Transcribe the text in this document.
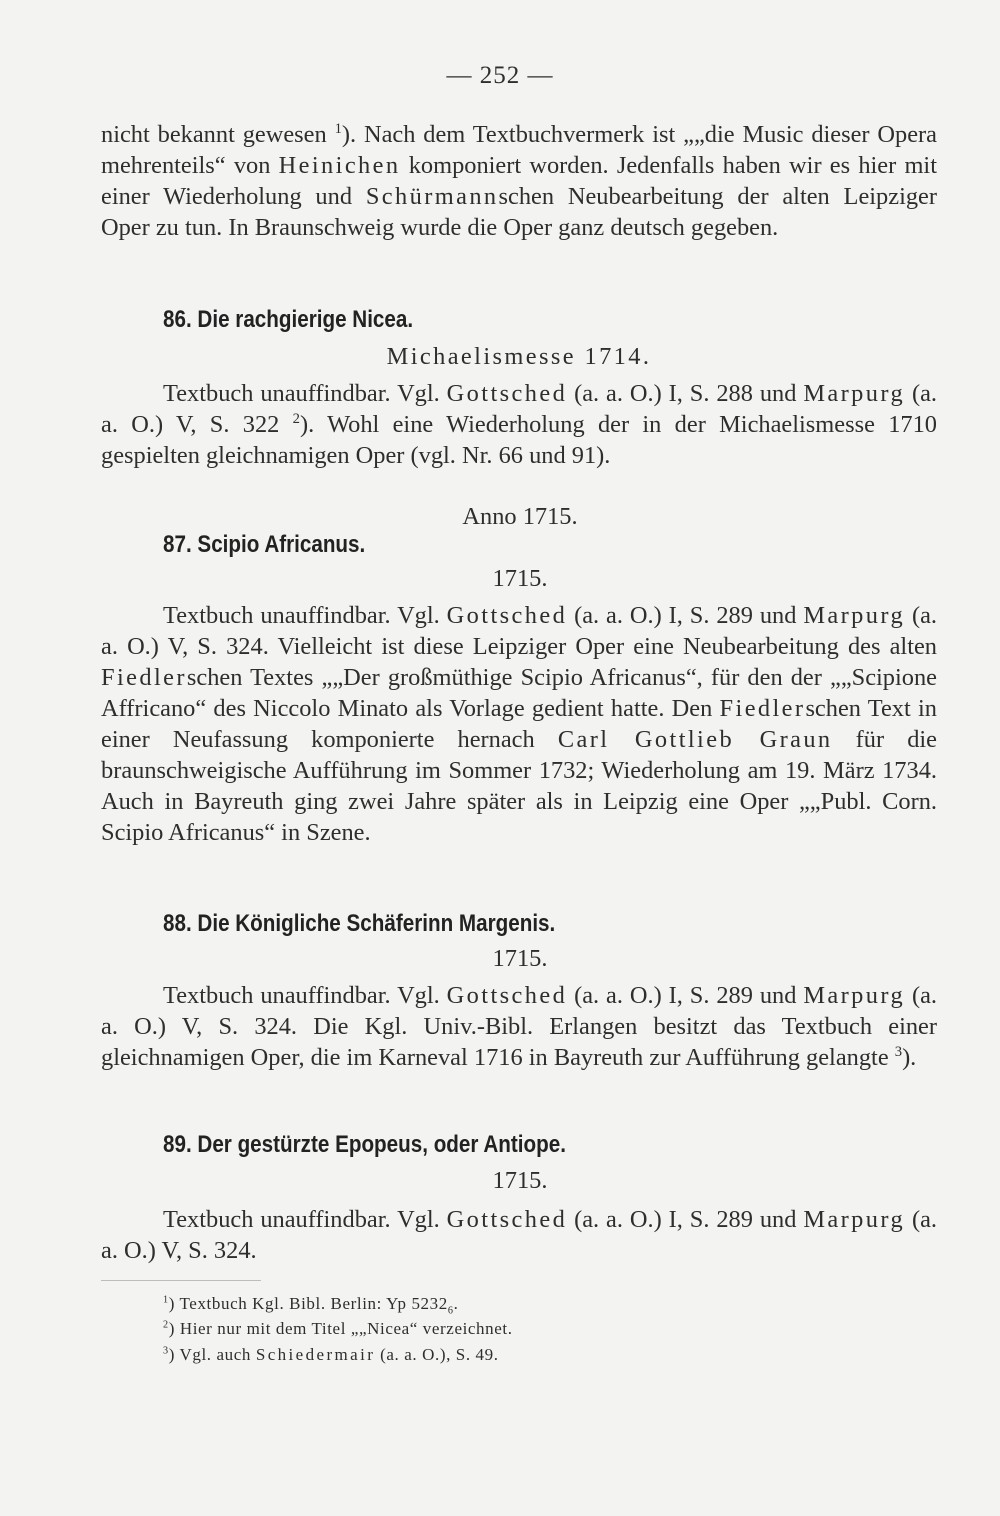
— 252 —

nicht bekannt gewesen $^1$). Nach dem Textbuchvermerk ist „„die Music dieser Opera mehrenteils“ von Heinichen komponiert worden. Jedenfalls haben wir es hier mit einer Wiederholung und Schürmannschen Neubearbeitung der alten Leipziger Oper zu tun. In Braunschweig wurde die Oper ganz deutsch gegeben.

86. Die rachgierige Nicea.
Michaelismesse 1714.

Textbuch unauffindbar. Vgl. Gottsched (a. a. O.) I, S. 288 und Marpurg (a. a. O.) V, S. 322 $^2$). Wohl eine Wiederholung der in der Michaelismesse 1710 gespielten gleichnamigen Oper (vgl. Nr. 66 und 91).

Anno 1715.
87. Scipio Africanus.
1715.

Textbuch unauffindbar. Vgl. Gottsched (a. a. O.) I, S. 289 und Marpurg (a. a. O.) V, S. 324. Vielleicht ist diese Leipziger Oper eine Neubearbeitung des alten Fiedlerschen Textes „„Der großmüthige Scipio Africanus“, für den der „„Scipione Affricano“ des Niccolo Minato als Vorlage gedient hatte. Den Fiedlerschen Text in einer Neufassung komponierte hernach Carl Gottlieb Graun für die braunschweigische Aufführung im Sommer 1732; Wiederholung am 19. März 1734. Auch in Bayreuth ging zwei Jahre später als in Leipzig eine Oper „„Publ. Corn. Scipio Africanus“ in Szene.

88. Die Königliche Schäferinn Margenis.
1715.

Textbuch unauffindbar. Vgl. Gottsched (a. a. O.) I, S. 289 und Marpurg (a. a. O.) V, S. 324. Die Kgl. Univ.-Bibl. Erlangen besitzt das Textbuch einer gleichnamigen Oper, die im Karneval 1716 in Bayreuth zur Aufführung gelangte $^3$).

89. Der gestürzte Epopeus, oder Antiope.
1715.

Textbuch unauffindbar. Vgl. Gottsched (a. a. O.) I, S. 289 und Marpurg (a. a. O.) V, S. 324.

$^1$) Textbuch Kgl. Bibl. Berlin: Yp $5232_6$.
$^2$) Hier nur mit dem Titel „„Nicea“ verzeichnet.
$^3$) Vgl. auch Schiedermair (a. a. O.), S. 49.
